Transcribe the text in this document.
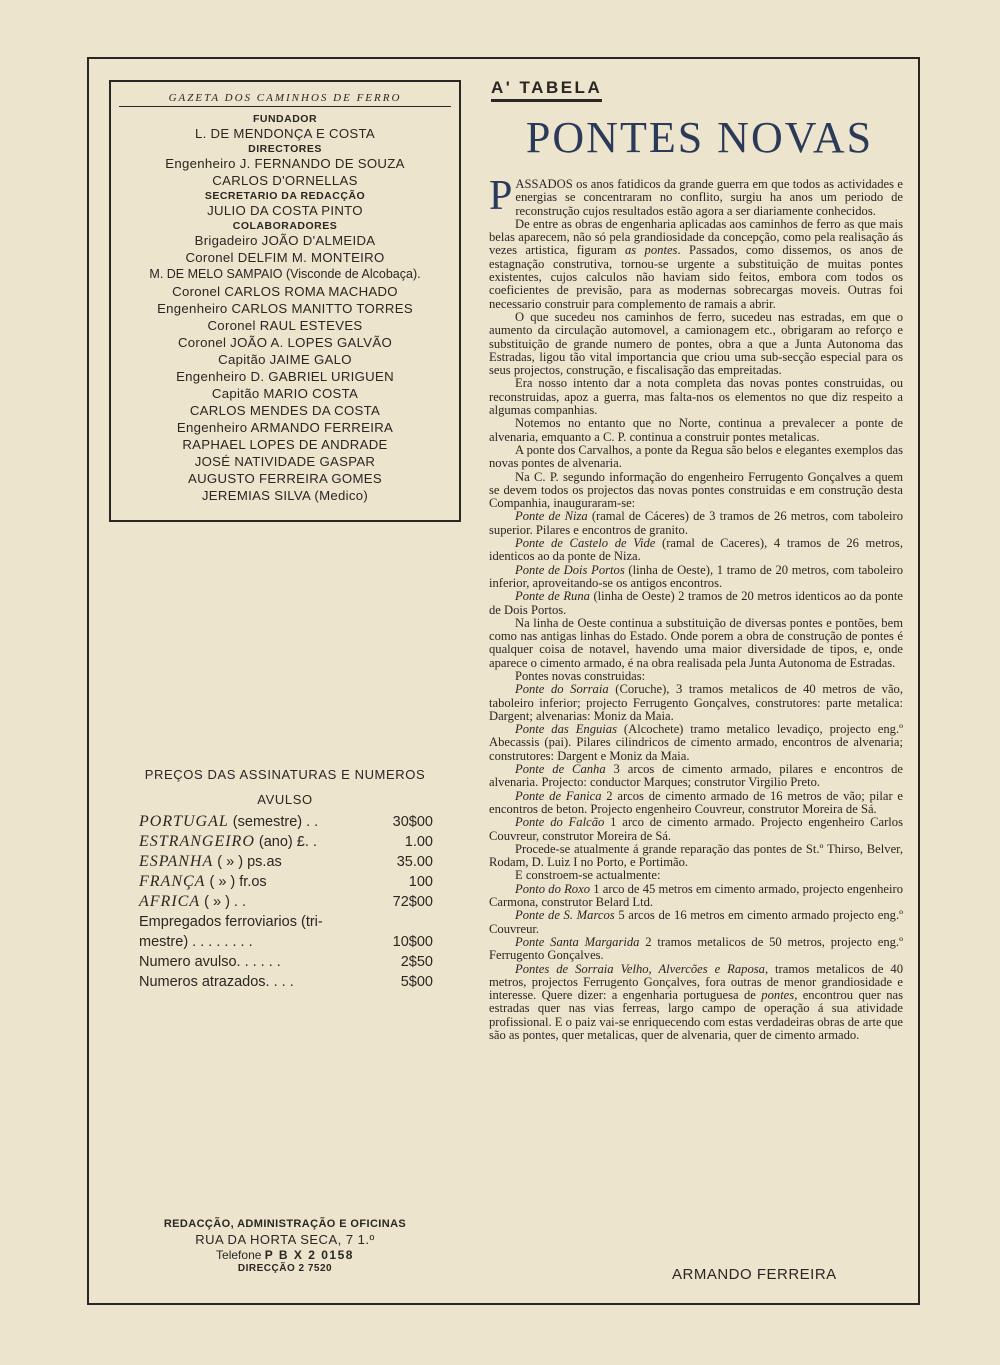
GAZETA DOS CAMINHOS DE FERRO
FUNDADOR
L. DE MENDONÇA E COSTA
DIRECTORES
Engenheiro J. FERNANDO DE SOUZA
CARLOS D'ORNELLAS
SECRETARIO DA REDACÇÃO
JULIO DA COSTA PINTO
COLABORADORES
Brigadeiro JOÃO D'ALMEIDA
Coronel DELFIM M. MONTEIRO
M. DE MELO SAMPAIO (Visconde de Alcobaça).
Coronel CARLOS ROMA MACHADO
Engenheiro CARLOS MANITTO TORRES
Coronel RAUL ESTEVES
Coronel JOÃO A. LOPES GALVÃO
Capitão JAIME GALO
Engenheiro D. GABRIEL URIGUEN
Capitão MARIO COSTA
CARLOS MENDES DA COSTA
Engenheiro ARMANDO FERREIRA
RAPHAEL LOPES DE ANDRADE
JOSÉ NATIVIDADE GASPAR
AUGUSTO FERREIRA GOMES
JEREMIAS SILVA (Medico)
PREÇOS DAS ASSINATURAS E NUMEROS
AVULSO
PORTUGAL (semestre) . .	30$00
ESTRANGEIRO (ano) £. .	1.00
ESPANHA ( » ) ps.as	35.00
FRANÇA ( » ) fr.os	100
AFRICA ( » ) . .	72$00
Empregados ferroviarios (tri-
mestre) . . . . . . . .	10$00
Numero avulso. . . . . .	2$50
Numeros atrazados. . . .	5$00
REDACÇÃO, ADMINISTRAÇÃO E OFICINAS
RUA DA HORTA SECA, 7 1.º
Telefone P B X 2 0158
DIRECÇÃO 2 7520
A' TABELA
PONTES NOVAS

PASSADOS os anos fatidicos da grande guerra em que todos as actividades e energias se concentraram no conflito, surgiu ha anos um periodo de reconstrução cujos resultados estão agora a ser diariamente conhecidos.

De entre as obras de engenharia aplicadas aos caminhos de ferro as que mais belas aparecem, não só pela grandiosidade da concepção, como pela realisação ás vezes artistica, figuram as pontes. Passados, como dissemos, os anos de estagnação construtiva, tornou-se urgente a substituição de muitas pontes existentes, cujos calculos não haviam sido feitos, embora com todos os coeficientes de previsão, para as modernas sobrecargas moveis. Outras foi necessario construir para complemento de ramais a abrir.

O que sucedeu nos caminhos de ferro, sucedeu nas estradas, em que o aumento da circulação automovel, a camionagem etc., obrigaram ao reforço e substituição de grande numero de pontes, obra a que a Junta Autonoma das Estradas, ligou tão vital importancia que criou uma sub-secção especial para os seus projectos, construção, e fiscalisação das empreitadas.

Era nosso intento dar a nota completa das novas pontes construidas, ou reconstruidas, apoz a guerra, mas falta-nos os elementos no que diz respeito a algumas companhias.

Notemos no entanto que no Norte, continua a prevalecer a ponte de alvenaria, emquanto a C. P. continua a construir pontes metalicas.

A ponte dos Carvalhos, a ponte da Regua são belos e elegantes exemplos das novas pontes de alvenaria.

Na C. P. segundo informação do engenheiro Ferrugento Gonçalves a quem se devem todos os projectos das novas pontes construidas e em construção desta Companhia, inauguraram-se:

Ponte de Niza (ramal de Cáceres) de 3 tramos de 26 metros, com taboleiro superior. Pilares e encontros de granito.

Ponte de Castelo de Vide (ramal de Caceres), 4 tramos de 26 metros, identicos ao da ponte de Niza.

Ponte de Dois Portos (linha de Oeste), 1 tramo de 20 metros, com taboleiro inferior, aproveitando-se os antigos encontros.

Ponte de Runa (linha de Oeste) 2 tramos de 20 metros identicos ao da ponte de Dois Portos.

Na linha de Oeste continua a substituição de diversas pontes e pontões, bem como nas antigas linhas do Estado. Onde porem a obra de construção de pontes é qualquer coisa de notavel, havendo uma maior diversidade de tipos, e, onde aparece o cimento armado, é na obra realisada pela Junta Autonoma de Estradas.

Pontes novas construidas:

Ponte do Sorraia (Coruche), 3 tramos metalicos de 40 metros de vão, taboleiro inferior; projecto Ferrugento Gonçalves, construtores: parte metalica: Dargent; alvenarias: Moniz da Maia.

Ponte das Enguias (Alcochete) tramo metalico levadiço, projecto eng.º Abecassis (pai). Pilares cilindricos de cimento armado, encontros de alvenaria; construtores: Dargent e Moniz da Maia.

Ponte de Canha 3 arcos de cimento armado, pilares e encontros de alvenaria. Projecto: conductor Marques; construtor Virgilio Preto.

Ponte de Fanica 2 arcos de cimento armado de 16 metros de vão; pilar e encontros de beton. Projecto engenheiro Couvreur, construtor Moreira de Sá.

Ponte do Falcão 1 arco de cimento armado. Projecto engenheiro Carlos Couvreur, construtor Moreira de Sá.

Procede-se atualmente á grande reparação das pontes de St.º Thirso, Belver, Rodam, D. Luiz I no Porto, e Portimão.

E constroem-se actualmente:

Ponto do Roxo 1 arco de 45 metros em cimento armado, projecto engenheiro Carmona, construtor Belard Ltd.

Ponte de S. Marcos 5 arcos de 16 metros em cimento armado projecto eng.º Couvreur.

Ponte Santa Margarida 2 tramos metalicos de 50 metros, projecto eng.º Ferrugento Gonçalves.

Pontes de Sorraia Velho, Alvercões e Raposa, tramos metalicos de 40 metros, projectos Ferrugento Gonçalves, fora outras de menor grandiosidade e interesse. Quere dizer: a engenharia portuguesa de pontes, encontrou quer nas estradas quer nas vias ferreas, largo campo de operação á sua atividade profissional. E o paiz vai-se enriquecendo com estas verdadeiras obras de arte que são as pontes, quer metalicas, quer de alvenaria, quer de cimento armado.

ARMANDO FERREIRA
